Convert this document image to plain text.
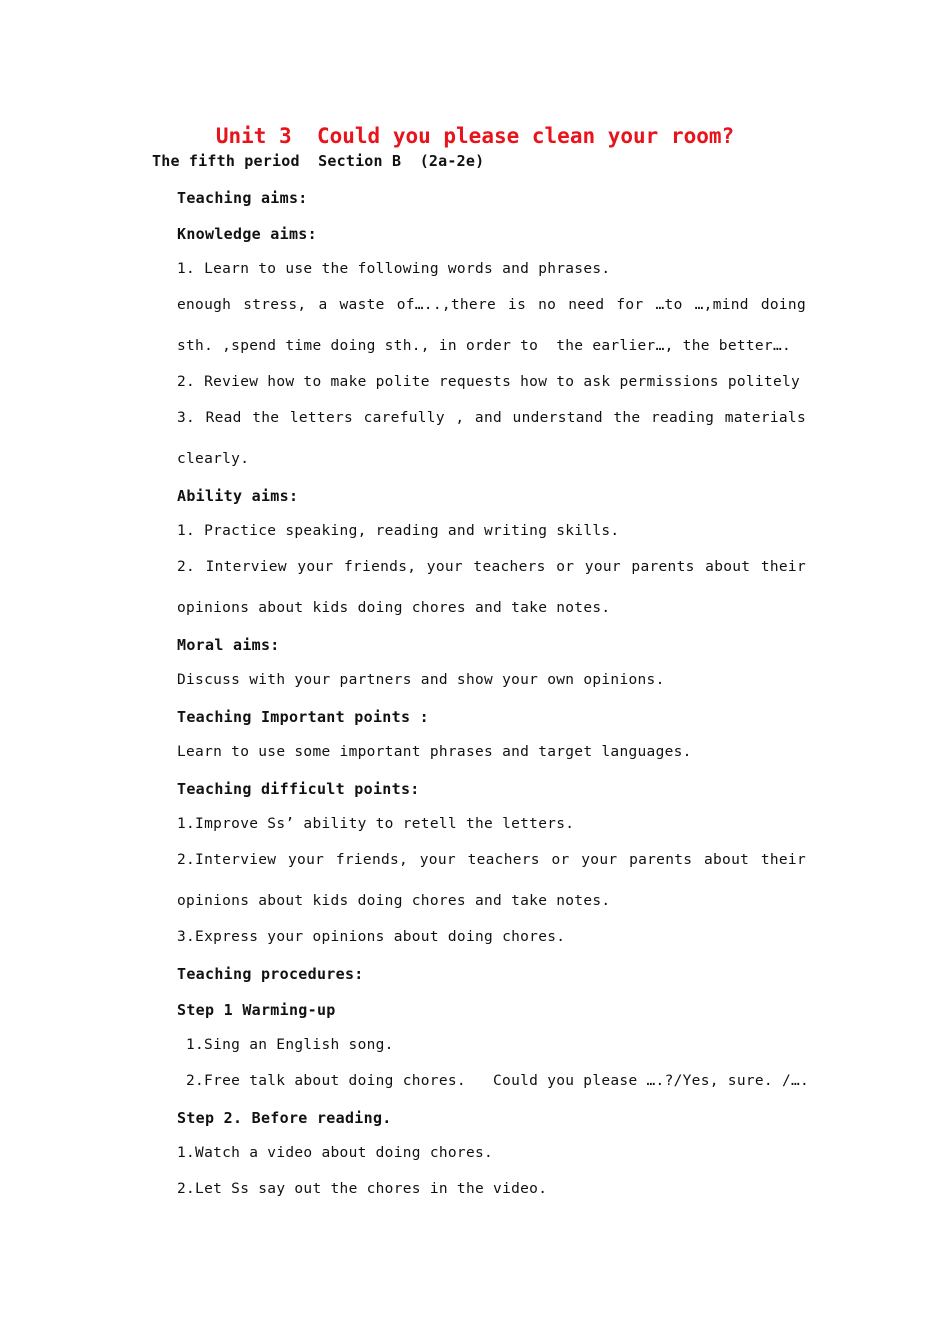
Unit 3  Could you please clean your room?
The fifth period  Section B  (2a-2e)
Teaching aims:
Knowledge aims:
1. Learn to use the following words and phrases.
enough stress, a waste of…..,there is no need for …to …,mind doing
sth. ,spend time doing sth., in order to  the earlier…, the better….
2. Review how to make polite requests how to ask permissions politely
3. Read the letters carefully , and understand the reading materials
clearly.
Ability aims:
1. Practice speaking, reading and writing skills.
2. Interview your friends, your teachers or your parents about their
opinions about kids doing chores and take notes.
Moral aims:
Discuss with your partners and show your own opinions.
Teaching Important points :
Learn to use some important phrases and target languages.
Teaching difficult points:
1.Improve Ss’ ability to retell the letters.
2.Interview your friends, your teachers or your parents about their
opinions about kids doing chores and take notes.
3.Express your opinions about doing chores.
Teaching procedures:
Step 1 Warming-up
1.Sing an English song.
2.Free talk about doing chores.   Could you please ….?/Yes, sure. /….
Step 2. Before reading.
1.Watch a video about doing chores.
2.Let Ss say out the chores in the video.
